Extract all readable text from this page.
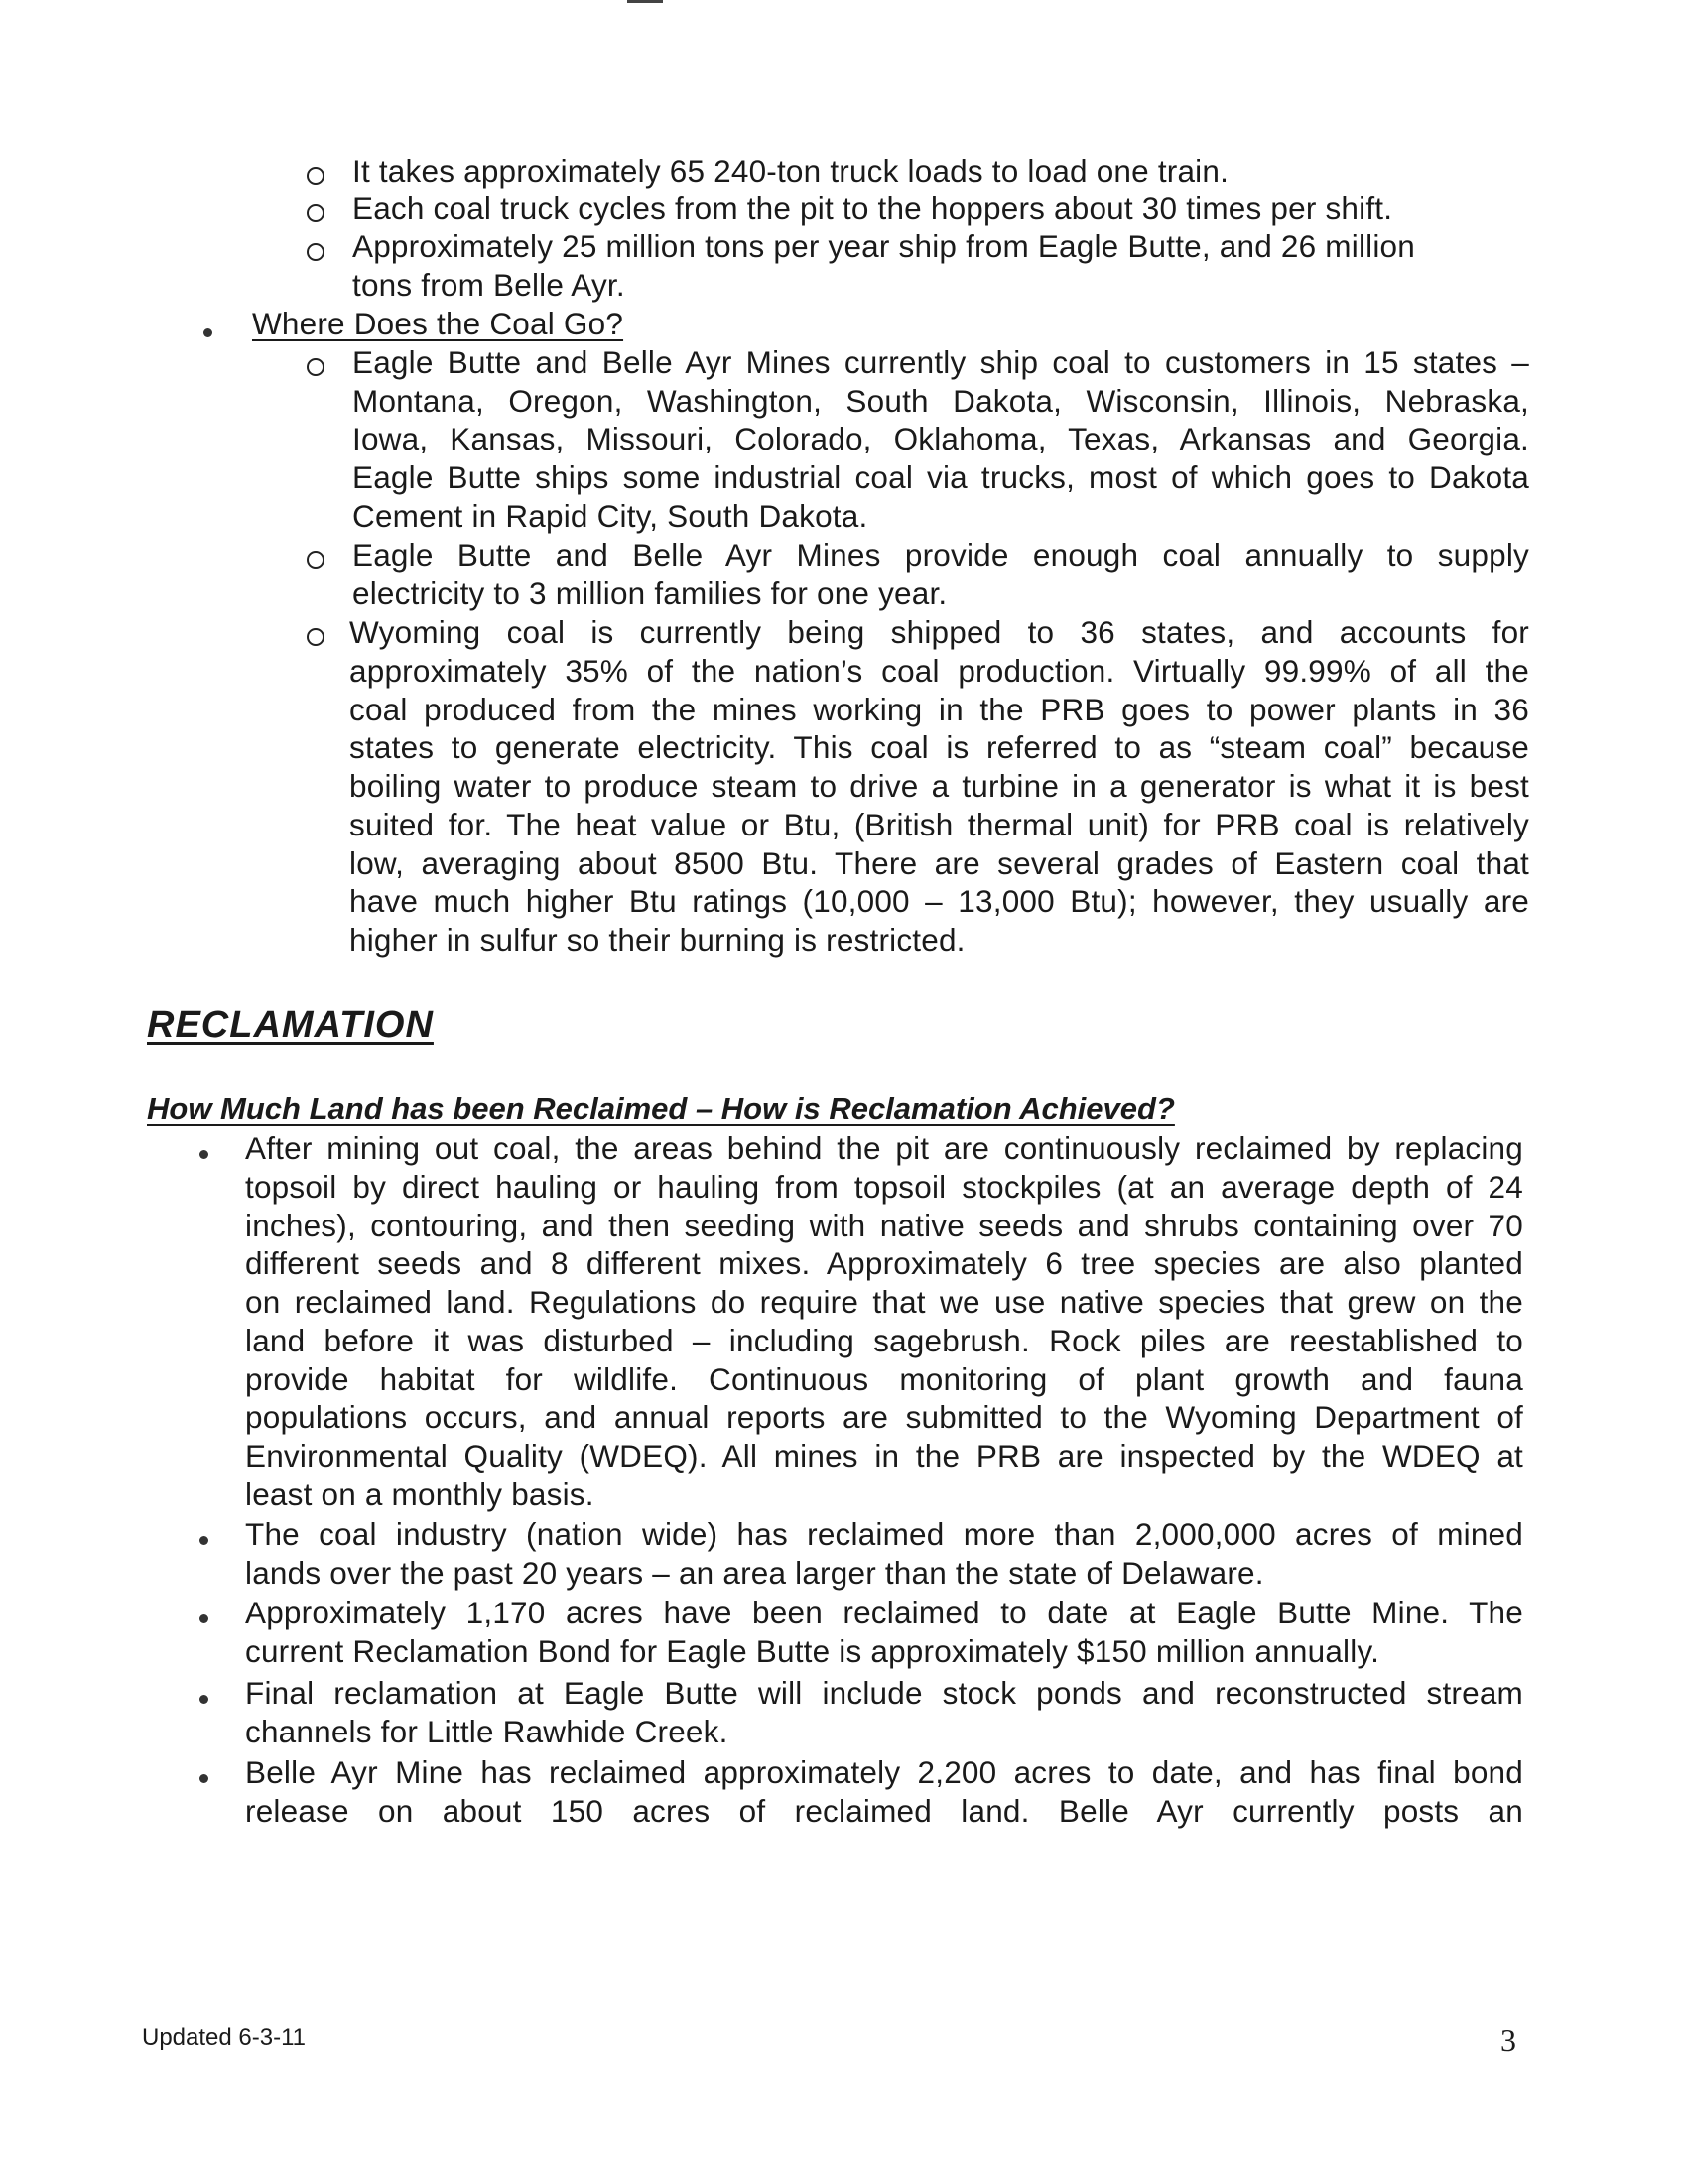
It takes approximately 65 240-ton truck loads to load one train.
Each coal truck cycles from the pit to the hoppers about 30 times per shift.
Approximately 25 million tons per year ship from Eagle Butte, and 26 million
tons from Belle Ayr.
Where Does the Coal Go?
Eagle Butte and Belle Ayr Mines currently ship coal to customers in 15 states –
Montana, Oregon, Washington, South Dakota, Wisconsin, Illinois, Nebraska,
Iowa, Kansas, Missouri, Colorado, Oklahoma, Texas, Arkansas and Georgia.
Eagle Butte ships some industrial coal via trucks, most of which goes to Dakota
Cement in Rapid City, South Dakota.
Eagle Butte and Belle Ayr Mines provide enough coal annually to supply
electricity to 3 million families for one year.
Wyoming coal is currently being shipped to 36 states, and accounts for
approximately 35% of the nation’s coal production. Virtually 99.99% of all the
coal produced from the mines working in the PRB goes to power plants in 36
states to generate electricity. This coal is referred to as “steam coal” because
boiling water to produce steam to drive a turbine in a generator is what it is best
suited for. The heat value or Btu, (British thermal unit) for PRB coal is relatively
low, averaging about 8500 Btu. There are several grades of Eastern coal that
have much higher Btu ratings (10,000 – 13,000 Btu); however, they usually are
higher in sulfur so their burning is restricted.
RECLAMATION
How Much Land has been Reclaimed – How is Reclamation Achieved?
After mining out coal, the areas behind the pit are continuously reclaimed by replacing
topsoil by direct hauling or hauling from topsoil stockpiles (at an average depth of 24
inches), contouring, and then seeding with native seeds and shrubs containing over 70
different seeds and 8 different mixes. Approximately 6 tree species are also planted
on reclaimed land. Regulations do require that we use native species that grew on the
land before it was disturbed – including sagebrush. Rock piles are reestablished to
provide habitat for wildlife. Continuous monitoring of plant growth and fauna
populations occurs, and annual reports are submitted to the Wyoming Department of
Environmental Quality (WDEQ). All mines in the PRB are inspected by the WDEQ at
least on a monthly basis.
The coal industry (nation wide) has reclaimed more than 2,000,000 acres of mined
lands over the past 20 years – an area larger than the state of Delaware.
Approximately 1,170 acres have been reclaimed to date at Eagle Butte Mine. The
current Reclamation Bond for Eagle Butte is approximately $150 million annually.
Final reclamation at Eagle Butte will include stock ponds and reconstructed stream
channels for Little Rawhide Creek.
Belle Ayr Mine has reclaimed approximately 2,200 acres to date, and has final bond
release on about 150 acres of reclaimed land. Belle Ayr currently posts an
Updated 6-3-11	3
